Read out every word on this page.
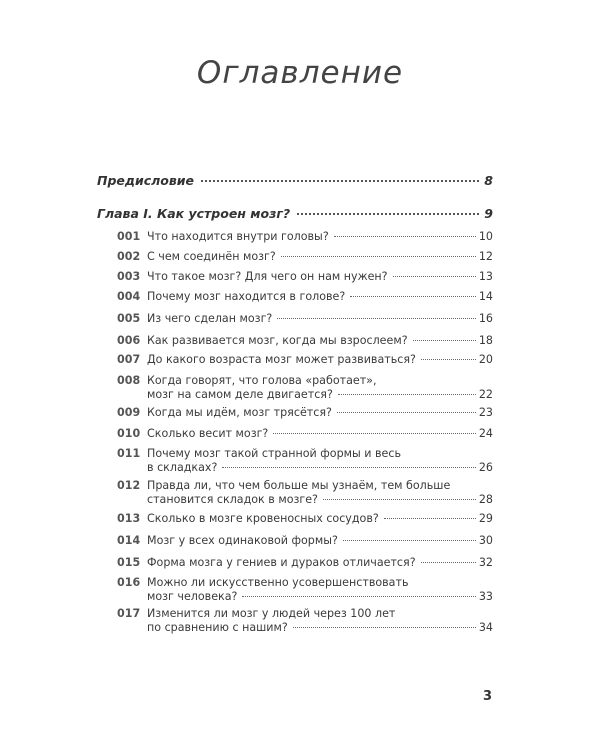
Оглавление
Предисловие	8
Глава I. Как устроен мозг?	9
001 Что находится внутри головы?	10
002 С чем соединён мозг?	12
003 Что такое мозг? Для чего он нам нужен?	13
004 Почему мозг находится в голове?	14
005 Из чего сделан мозг?	16
006 Как развивается мозг, когда мы взрослеем?	18
007 До какого возраста мозг может развиваться?	20
008 Когда говорят, что голова «работает»,
мозг на самом деле двигается?	22
009 Когда мы идём, мозг трясётся?	23
010 Сколько весит мозг?	24
011 Почему мозг такой странной формы и весь
в складках?	26
012 Правда ли, что чем больше мы узнаём, тем больше
становится складок в мозге?	28
013 Сколько в мозге кровеносных сосудов?	29
014 Мозг у всех одинаковой формы?	30
015 Форма мозга у гениев и дураков отличается?	32
016 Можно ли искусственно усовершенствовать
мозг человека?	33
017 Изменится ли мозг у людей через 100 лет
по сравнению с нашим?	34
3
